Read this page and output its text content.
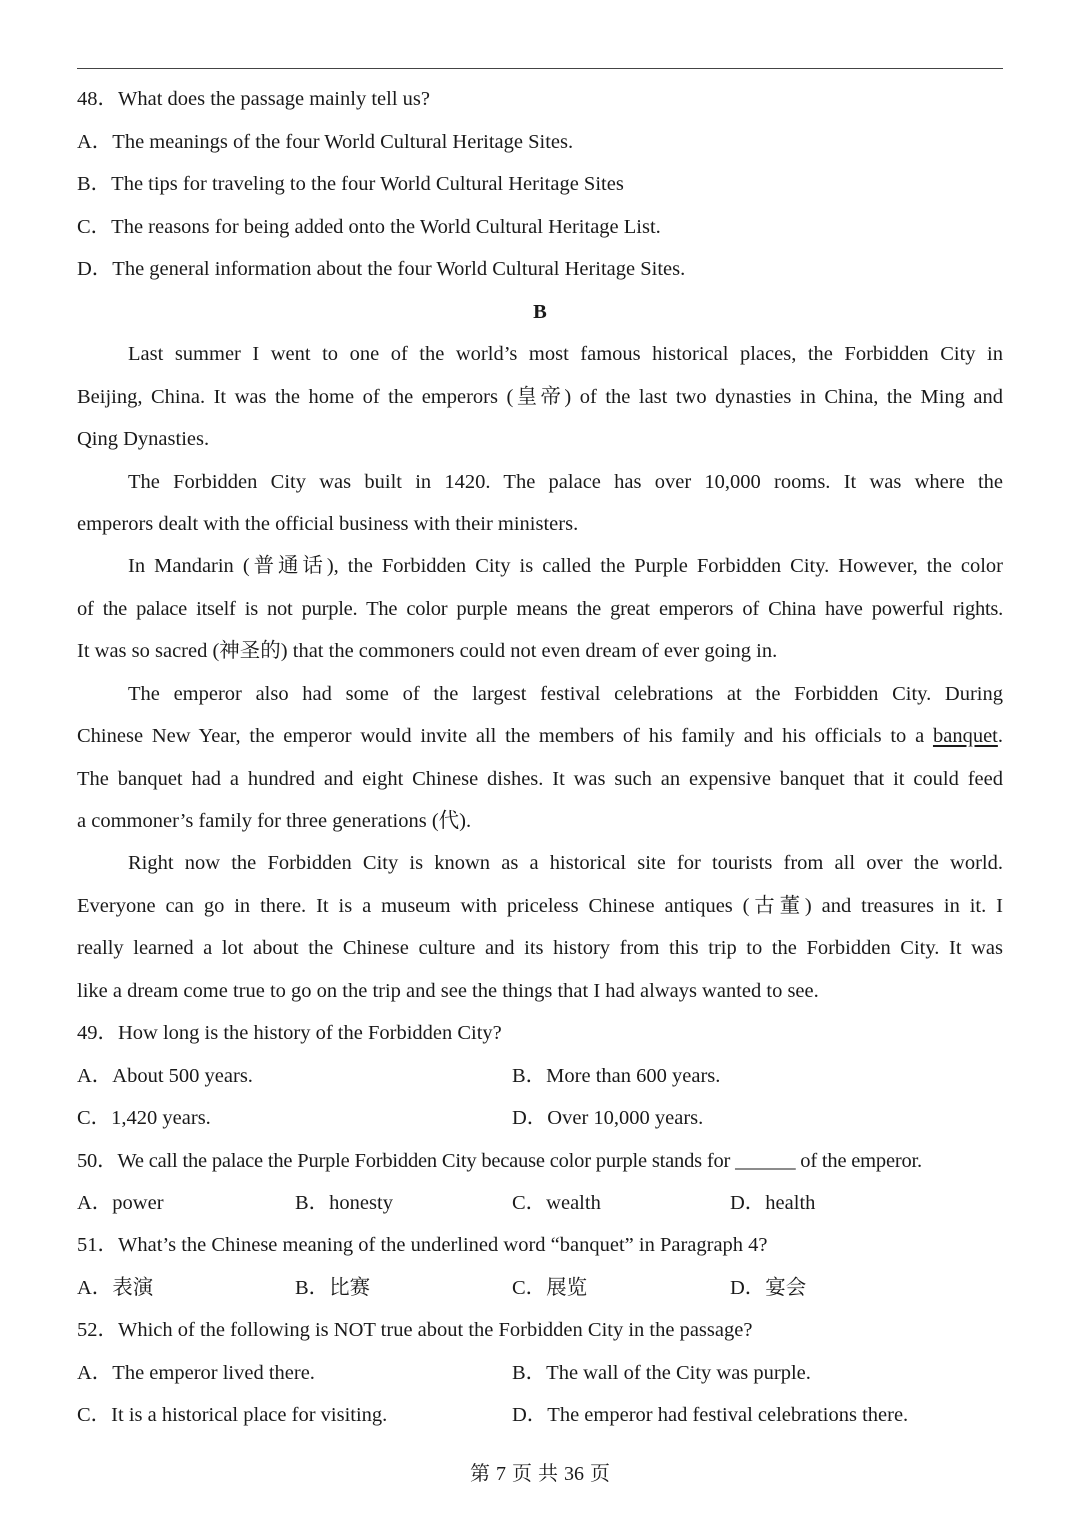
48．What does the passage mainly tell us?
A．The meanings of the four World Cultural Heritage Sites.
B．The tips for traveling to the four World Cultural Heritage Sites
C．The reasons for being added onto the World Cultural Heritage List.
D．The general information about the four World Cultural Heritage Sites.
B
Last summer I went to one of the world’s most famous historical places, the Forbidden City in
Beijing, China. It was the home of the emperors (皇帝) of the last two dynasties in China, the Ming and
Qing Dynasties.
The Forbidden City was built in 1420. The palace has over 10,000 rooms. It was where the
emperors dealt with the official business with their ministers.
In Mandarin (普通话), the Forbidden City is called the Purple Forbidden City. However, the color
of the palace itself is not purple. The color purple means the great emperors of China have powerful rights.
It was so sacred (神圣的) that the commoners could not even dream of ever going in.
The emperor also had some of the largest festival celebrations at the Forbidden City. During
Chinese New Year, the emperor would invite all the members of his family and his officials to a banquet.
The banquet had a hundred and eight Chinese dishes. It was such an expensive banquet that it could feed
a commoner’s family for three generations (代).
Right now the Forbidden City is known as a historical site for tourists from all over the world.
Everyone can go in there. It is a museum with priceless Chinese antiques (古董) and treasures in it. I
really learned a lot about the Chinese culture and its history from this trip to the Forbidden City. It was
like a dream come true to go on the trip and see the things that I had always wanted to see.
49．How long is the history of the Forbidden City?
A．About 500 years.	B．More than 600 years.
C．1,420 years.	D．Over 10,000 years.
50．We call the palace the Purple Forbidden City because color purple stands for ______ of the emperor.
A．power	B．honesty	C．wealth	D．health
51．What’s the Chinese meaning of the underlined word “banquet” in Paragraph 4?
A．表演	B．比赛	C．展览	D．宴会
52．Which of the following is NOT true about the Forbidden City in the passage?
A．The emperor lived there.	B．The wall of the City was purple.
C．It is a historical place for visiting.	D．The emperor had festival celebrations there.
第 7 页 共 36 页
